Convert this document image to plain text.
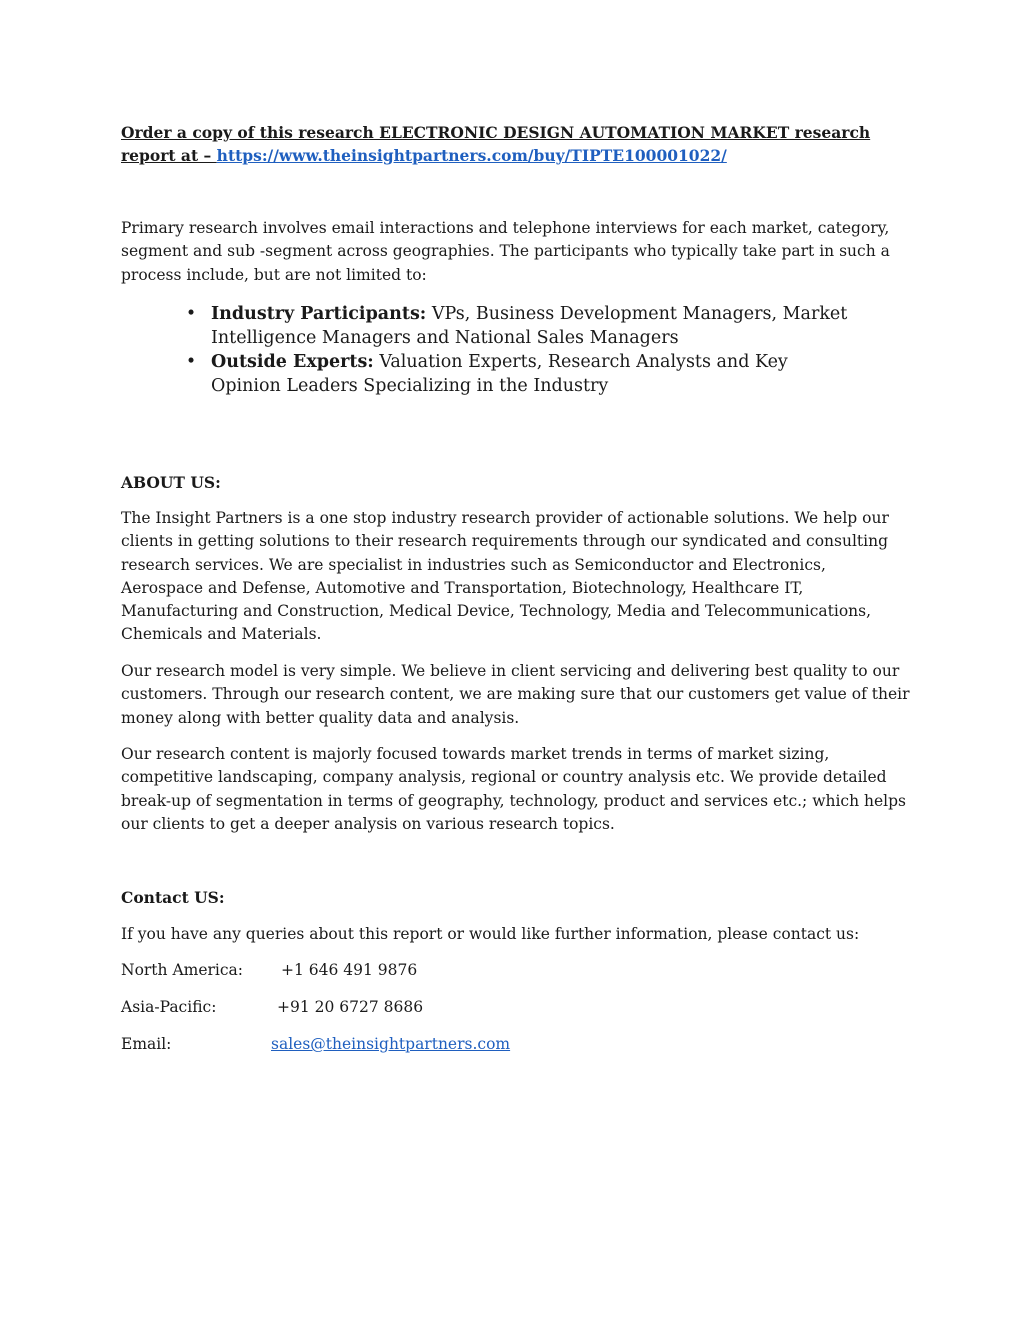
Order a copy of this research ELECTRONIC DESIGN AUTOMATION MARKET research report at – https://www.theinsightpartners.com/buy/TIPTE100001022/

Primary research involves email interactions and telephone interviews for each market, category, segment and sub -segment across geographies. The participants who typically take part in such a process include, but are not limited to:

• Industry Participants: VPs, Business Development Managers, Market Intelligence Managers and National Sales Managers
• Outside Experts: Valuation Experts, Research Analysts and Key Opinion Leaders Specializing in the Industry
ABOUT US:

The Insight Partners is a one stop industry research provider of actionable solutions. We help our clients in getting solutions to their research requirements through our syndicated and consulting research services. We are specialist in industries such as Semiconductor and Electronics, Aerospace and Defense, Automotive and Transportation, Biotechnology, Healthcare IT, Manufacturing and Construction, Medical Device, Technology, Media and Telecommunications, Chemicals and Materials.

Our research model is very simple. We believe in client servicing and delivering best quality to our customers. Through our research content, we are making sure that our customers get value of their money along with better quality data and analysis.

Our research content is majorly focused towards market trends in terms of market sizing, competitive landscaping, company analysis, regional or country analysis etc. We provide detailed break-up of segmentation in terms of geography, technology, product and services etc.; which helps our clients to get a deeper analysis on various research topics.

Contact US:

If you have any queries about this report or would like further information, please contact us:

North America: +1 646 491 9876
Asia-Pacific:	+91 20 6727 8686
Email:	sales@theinsightpartners.com
